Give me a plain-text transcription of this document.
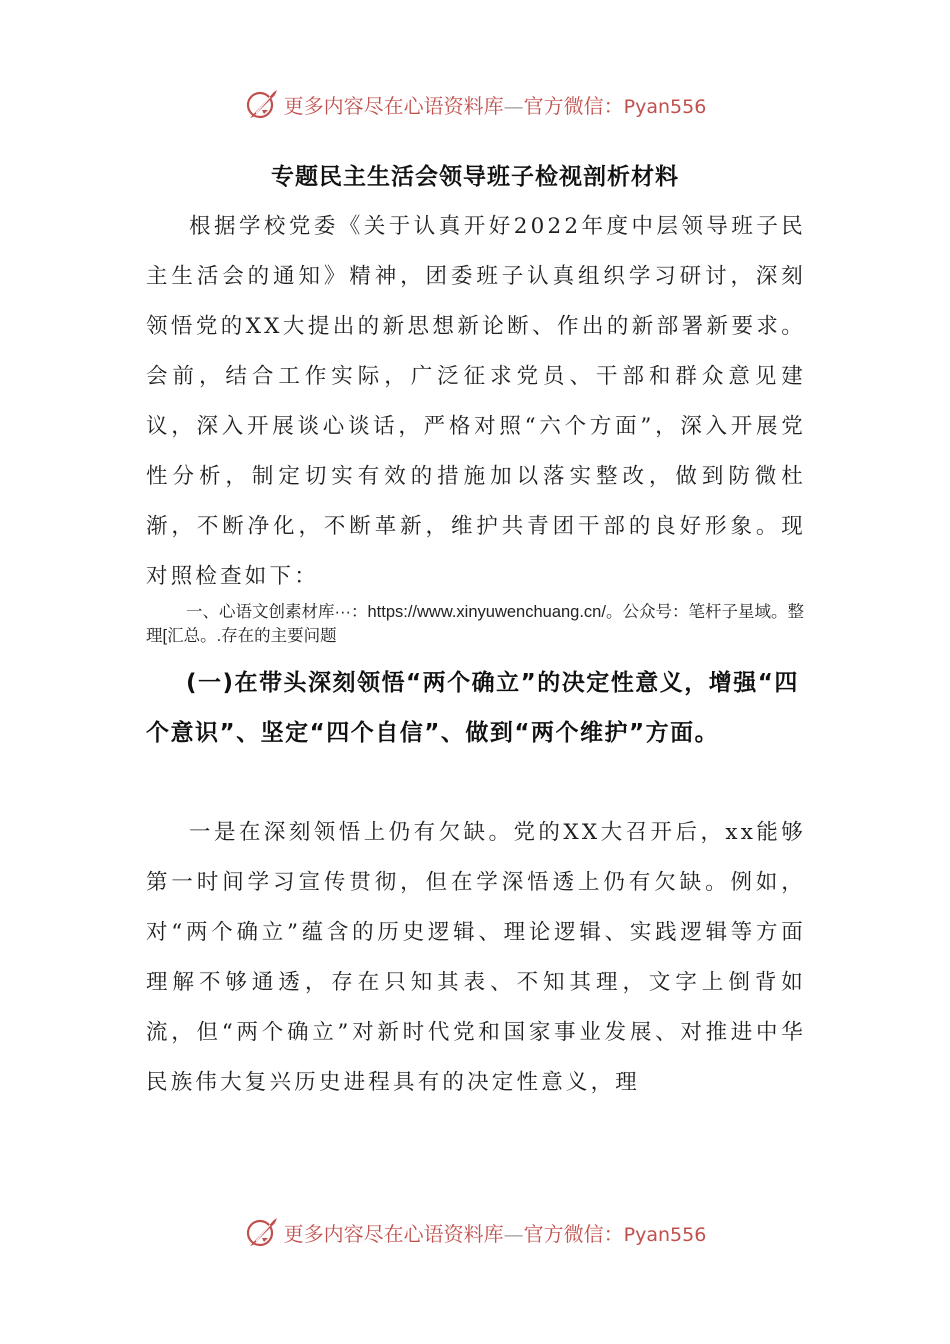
更多内容尽在心语资料库—官方微信：Pyan556
专题民主生活会领导班子检视剖析材料
根据学校党委《关于认真开好2022年度中层领导班子民主生活会的通知》精神，团委班子认真组织学习研讨，深刻领悟党的XX大提出的新思想新论断、作出的新部署新要求。会前，结合工作实际，广泛征求党员、干部和群众意见建议，深入开展谈心谈话，严格对照“六个方面”，深入开展党性分析，制定切实有效的措施加以落实整改，做到防微杜渐，不断净化，不断革新，维护共青团干部的良好形象。现对照检查如下：
一、心语文创素材库···：https://www.xinyuwenchuang.cn/。公众号：笔杆子星域。整理[汇总。.存在的主要问题
(一)在带头深刻领悟“两个确立”的决定性意义，增强“四个意识”、坚定“四个自信”、做到“两个维护”方面。
一是在深刻领悟上仍有欠缺。党的XX大召开后，xx能够第一时间学习宣传贯彻，但在学深悟透上仍有欠缺。例如，对“两个确立”蕴含的历史逻辑、理论逻辑、实践逻辑等方面理解不够通透，存在只知其表、不知其理，文字上倒背如流，但“两个确立”对新时代党和国家事业发展、对推进中华民族伟大复兴历史进程具有的决定性意义，理
更多内容尽在心语资料库—官方微信：Pyan556
